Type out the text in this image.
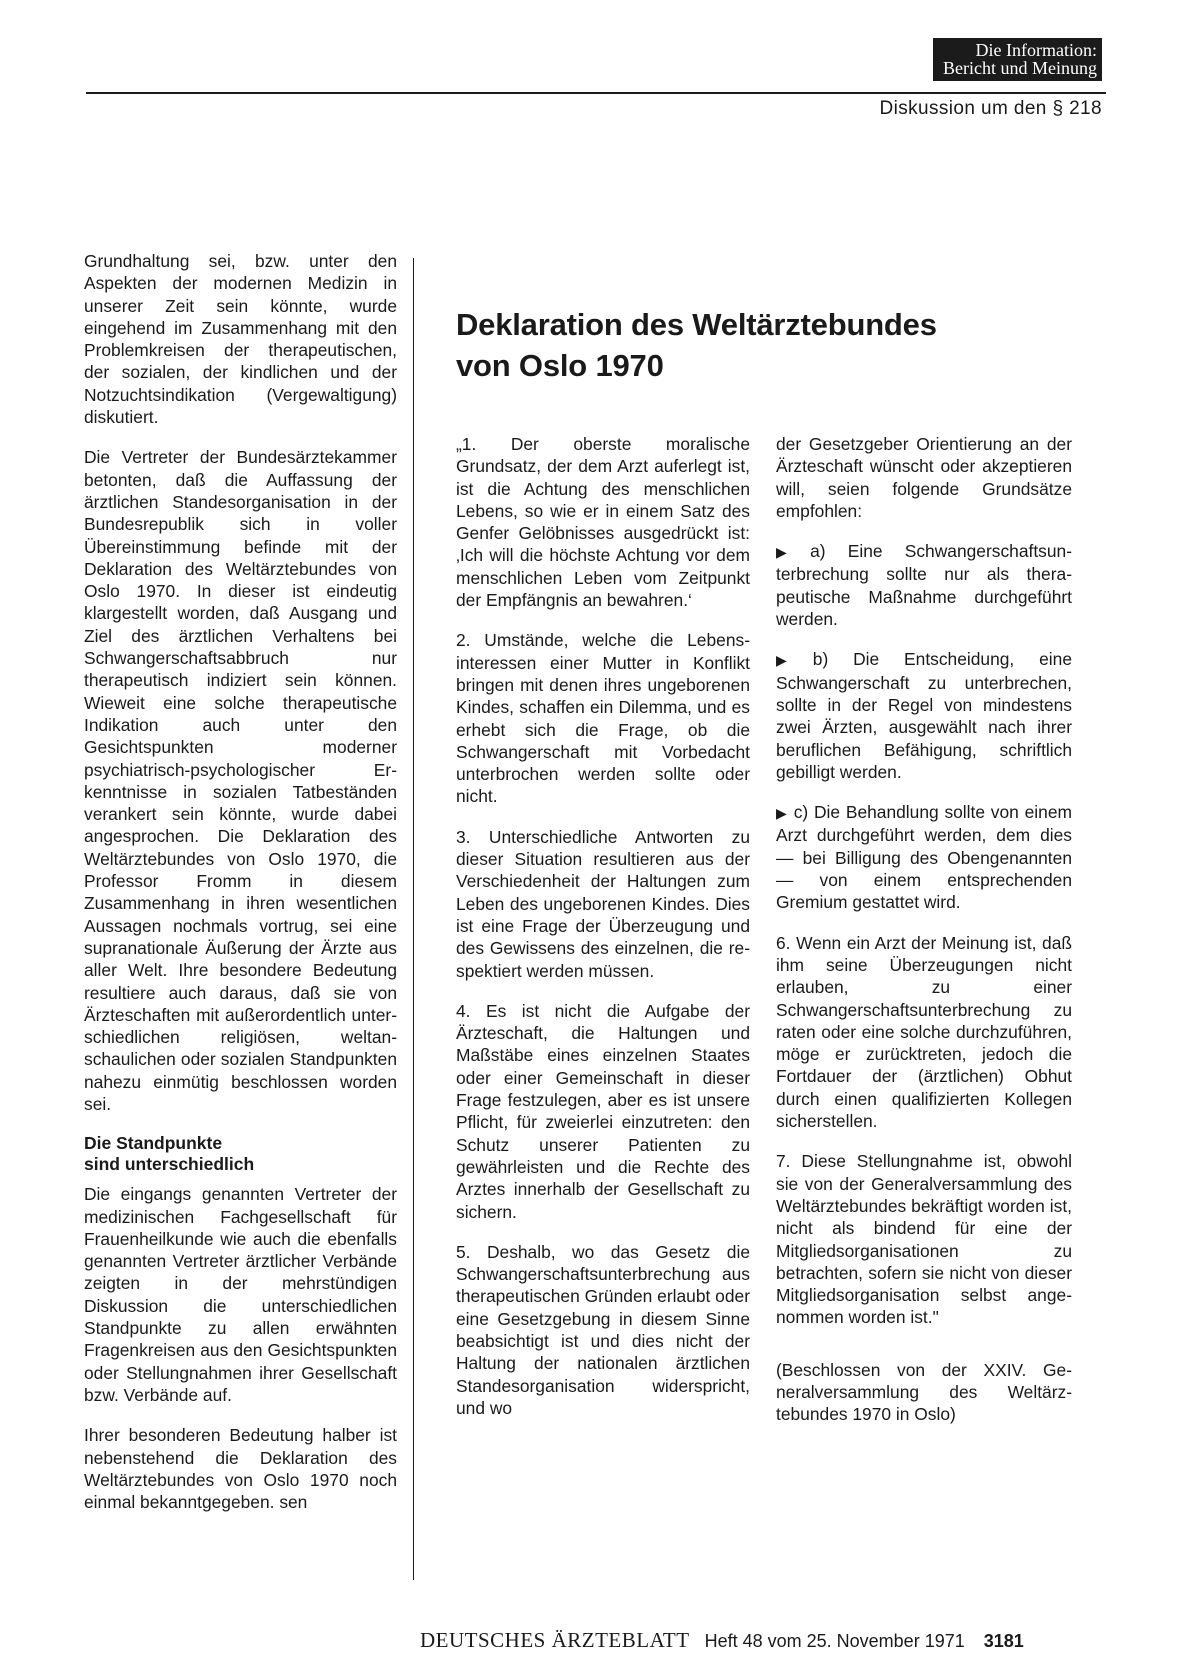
Die Information:
Bericht und Meinung
Diskussion um den § 218

Grundhaltung sei, bzw. unter den Aspekten der modernen Medizin in unserer Zeit sein könnte, wurde eingehend im Zusammenhang mit den Problemkreisen der therapeutischen, der sozialen, der kindlichen und der Notzuchtsindikation (Vergewaltigung) diskutiert.

Die Vertreter der Bundesärztekammer betonten, daß die Auffassung der ärztlichen Standesorganisation in der Bundesrepublik sich in voller Übereinstimmung befinde mit der Deklaration des Weltärztebundes von Oslo 1970. In dieser ist eindeutig klargestellt worden, daß Ausgang und Ziel des ärztlichen Verhaltens bei Schwangerschaftsabbruch nur therapeutisch indiziert sein können. Wieweit eine solche therapeutische Indikation auch unter den Gesichtspunkten moderner psychiatrisch-psychologischer Erkenntnisse in sozialen Tatbeständen verankert sein könnte, wurde dabei angesprochen. Die Deklaration des Weltärztebundes von Oslo 1970, die Professor Fromm in diesem Zusammenhang in ihren wesentlichen Aussagen nochmals vortrug, sei eine supranationale Äußerung der Ärzte aus aller Welt. Ihre besondere Bedeutung resultiere auch daraus, daß sie von Ärzteschaften mit außerordentlich unterschiedlichen religiösen, weltanschaulichen oder sozialen Standpunkten nahezu einmütig beschlossen worden sei.

Die Standpunkte
sind unterschiedlich

Die eingangs genannten Vertreter der medizinischen Fachgesellschaft für Frauenheilkunde wie auch die ebenfalls genannten Vertreter ärztlicher Verbände zeigten in der mehrstündigen Diskussion die unterschiedlichen Standpunkte zu allen erwähnten Fragenkreisen aus den Gesichtspunkten oder Stellungnahmen ihrer Gesellschaft bzw. Verbände auf.

Ihrer besonderen Bedeutung halber ist nebenstehend die Deklaration des Weltärztebundes von Oslo 1970 noch einmal bekanntgegeben. sen

Deklaration des Weltärztebundes
von Oslo 1970

„1. Der oberste moralische Grundsatz, der dem Arzt auferlegt ist, ist die Achtung des menschlichen Lebens, so wie er in einem Satz des Genfer Gelöbnisses ausgedrückt ist: ‚Ich will die höchste Achtung vor dem menschlichen Leben vom Zeitpunkt der Empfängnis an bewahren.‘

2. Umstände, welche die Lebensinteressen einer Mutter in Konflikt bringen mit denen ihres ungeborenen Kindes, schaffen ein Dilemma, und es erhebt sich die Frage, ob die Schwangerschaft mit Vorbedacht unterbrochen werden sollte oder nicht.

3. Unterschiedliche Antworten zu dieser Situation resultieren aus der Verschiedenheit der Haltungen zum Leben des ungeborenen Kindes. Dies ist eine Frage der Überzeugung und des Gewissens des einzelnen, die respektiert werden müssen.

4. Es ist nicht die Aufgabe der Ärzteschaft, die Haltungen und Maßstäbe eines einzelnen Staates oder einer Gemeinschaft in dieser Frage festzulegen, aber es ist unsere Pflicht, für zweierlei einzutreten: den Schutz unserer Patienten zu gewährleisten und die Rechte des Arztes innerhalb der Gesellschaft zu sichern.

5. Deshalb, wo das Gesetz die Schwangerschaftsunterbrechung aus therapeutischen Gründen erlaubt oder eine Gesetzgebung in diesem Sinne beabsichtigt ist und dies nicht der Haltung der nationalen ärztlichen Standesorganisation widerspricht, und wo

der Gesetzgeber Orientierung an der Ärzteschaft wünscht oder akzeptieren will, seien folgende Grundsätze empfohlen:

▶ a) Eine Schwangerschaftsunterbrechung sollte nur als therapeutische Maßnahme durchgeführt werden.

▶ b) Die Entscheidung, eine Schwangerschaft zu unterbrechen, sollte in der Regel von mindestens zwei Ärzten, ausgewählt nach ihrer beruflichen Befähigung, schriftlich gebilligt werden.

▶ c) Die Behandlung sollte von einem Arzt durchgeführt werden, dem dies — bei Billigung des Obengenannten — von einem entsprechenden Gremium gestattet wird.

6. Wenn ein Arzt der Meinung ist, daß ihm seine Überzeugungen nicht erlauben, zu einer Schwangerschaftsunterbrechung zu raten oder eine solche durchzuführen, möge er zurücktreten, jedoch die Fortdauer der (ärztlichen) Obhut durch einen qualifizierten Kollegen sicherstellen.

7. Diese Stellungnahme ist, obwohl sie von der Generalversammlung des Weltärztebundes bekräftigt worden ist, nicht als bindend für eine der Mitgliedsorganisationen zu betrachten, sofern sie nicht von dieser Mitgliedsorganisation selbst angenommen worden ist."

(Beschlossen von der XXIV. Generalversammlung des Weltärztebundes 1970 in Oslo)

DEUTSCHES ÄRZTEBLATT Heft 48 vom 25. November 1971 3181
